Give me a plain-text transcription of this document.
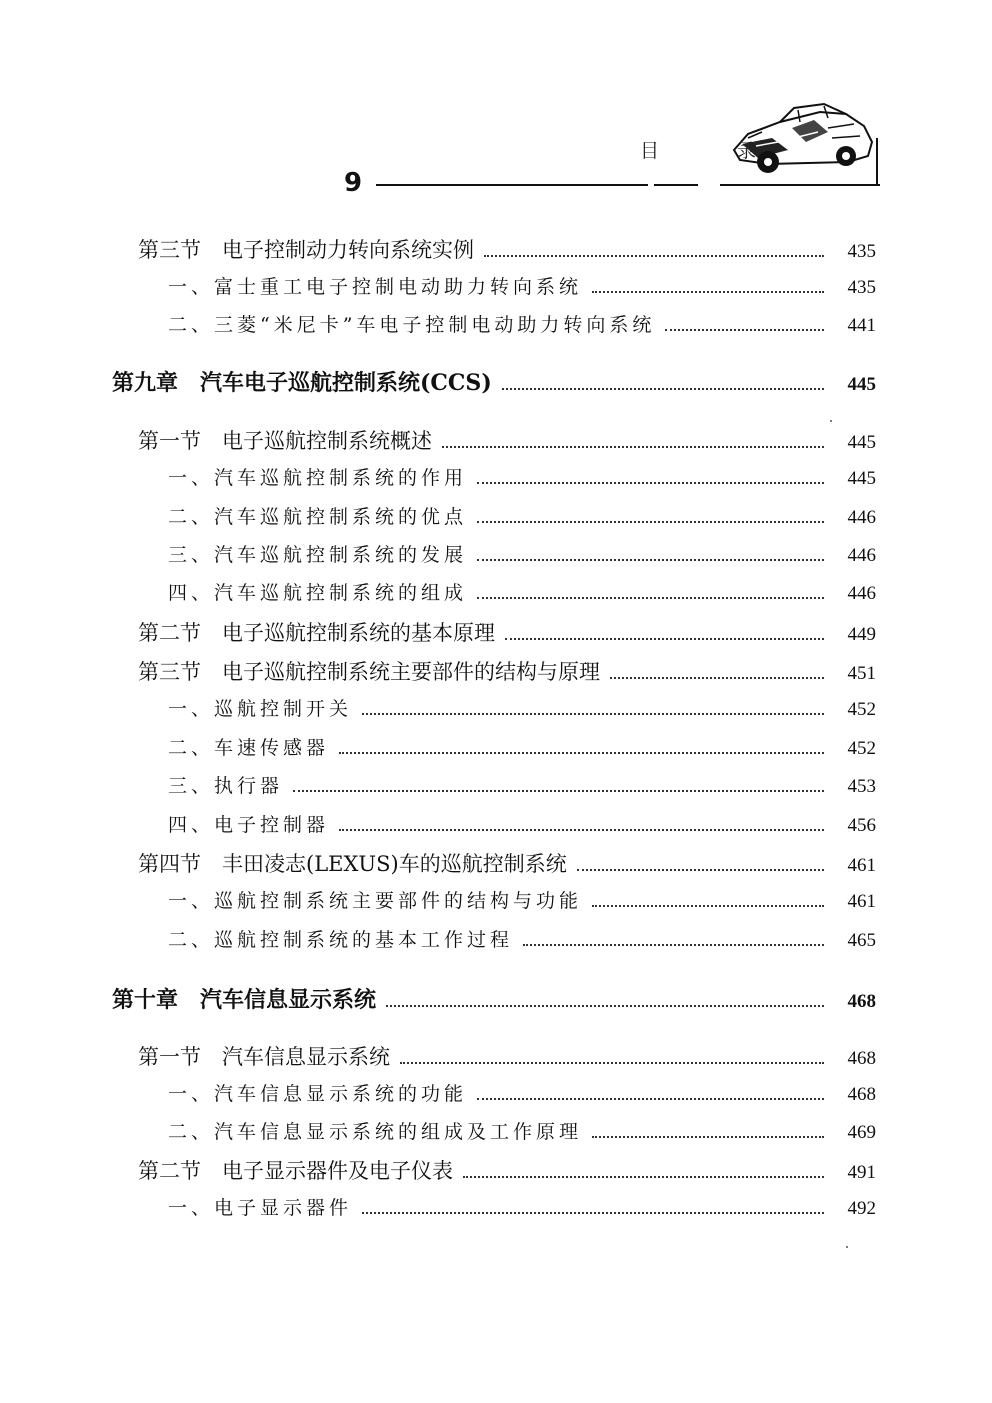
目 录
9
第三节　电子控制动力转向系统实例	435
一、富士重工电子控制电动助力转向系统	435
二、三菱“米尼卡”车电子控制电动助力转向系统	441
第九章　汽车电子巡航控制系统(CCS)	445
第一节　电子巡航控制系统概述	445
一、汽车巡航控制系统的作用	445
二、汽车巡航控制系统的优点	446
三、汽车巡航控制系统的发展	446
四、汽车巡航控制系统的组成	446
第二节　电子巡航控制系统的基本原理	449
第三节　电子巡航控制系统主要部件的结构与原理	451
一、巡航控制开关	452
二、车速传感器	452
三、执行器	453
四、电子控制器	456
第四节　丰田凌志(LEXUS)车的巡航控制系统	461
一、巡航控制系统主要部件的结构与功能	461
二、巡航控制系统的基本工作过程	465
第十章　汽车信息显示系统	468
第一节　汽车信息显示系统	468
一、汽车信息显示系统的功能	468
二、汽车信息显示系统的组成及工作原理	469
第二节　电子显示器件及电子仪表	491
一、电子显示器件	492
